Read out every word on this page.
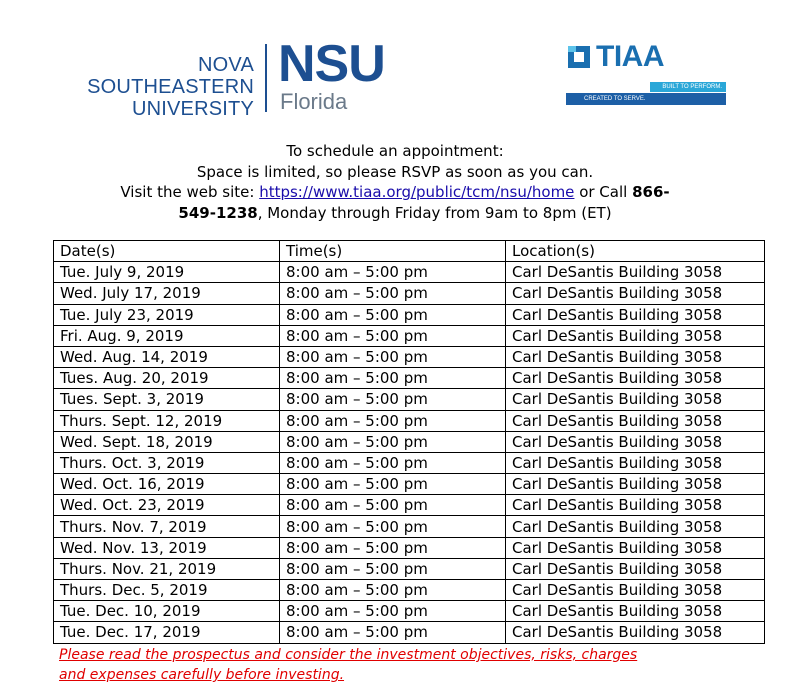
NOVA SOUTHEASTERN
UNIVERSITY
NSU
Florida
TIAA
BUILT TO PERFORM.
CREATED TO SERVE.
To schedule an appointment:
Space is limited, so please RSVP as soon as you can.
Visit the web site: https://www.tiaa.org/public/tcm/nsu/home or Call 866-
549-1238, Monday through Friday from 9am to 8pm (ET)
Date(s)	Time(s)	Location(s)
Tue. July 9, 2019	8:00 am – 5:00 pm	Carl DeSantis Building 3058
Wed. July 17, 2019	8:00 am – 5:00 pm	Carl DeSantis Building 3058
Tue. July 23, 2019	8:00 am – 5:00 pm	Carl DeSantis Building 3058
Fri. Aug. 9, 2019	8:00 am – 5:00 pm	Carl DeSantis Building 3058
Wed. Aug. 14, 2019	8:00 am – 5:00 pm	Carl DeSantis Building 3058
Tues. Aug. 20, 2019	8:00 am – 5:00 pm	Carl DeSantis Building 3058
Tues. Sept. 3, 2019	8:00 am – 5:00 pm	Carl DeSantis Building 3058
Thurs. Sept. 12, 2019	8:00 am – 5:00 pm	Carl DeSantis Building 3058
Wed. Sept. 18, 2019	8:00 am – 5:00 pm	Carl DeSantis Building 3058
Thurs. Oct. 3, 2019	8:00 am – 5:00 pm	Carl DeSantis Building 3058
Wed. Oct. 16, 2019	8:00 am – 5:00 pm	Carl DeSantis Building 3058
Wed. Oct. 23, 2019	8:00 am – 5:00 pm	Carl DeSantis Building 3058
Thurs. Nov. 7, 2019	8:00 am – 5:00 pm	Carl DeSantis Building 3058
Wed. Nov. 13, 2019	8:00 am – 5:00 pm	Carl DeSantis Building 3058
Thurs. Nov. 21, 2019	8:00 am – 5:00 pm	Carl DeSantis Building 3058
Thurs. Dec. 5, 2019	8:00 am – 5:00 pm	Carl DeSantis Building 3058
Tue. Dec. 10, 2019	8:00 am – 5:00 pm	Carl DeSantis Building 3058
Tue. Dec. 17, 2019	8:00 am – 5:00 pm	Carl DeSantis Building 3058
Please read the prospectus and consider the investment objectives, risks, charges
and expenses carefully before investing.
